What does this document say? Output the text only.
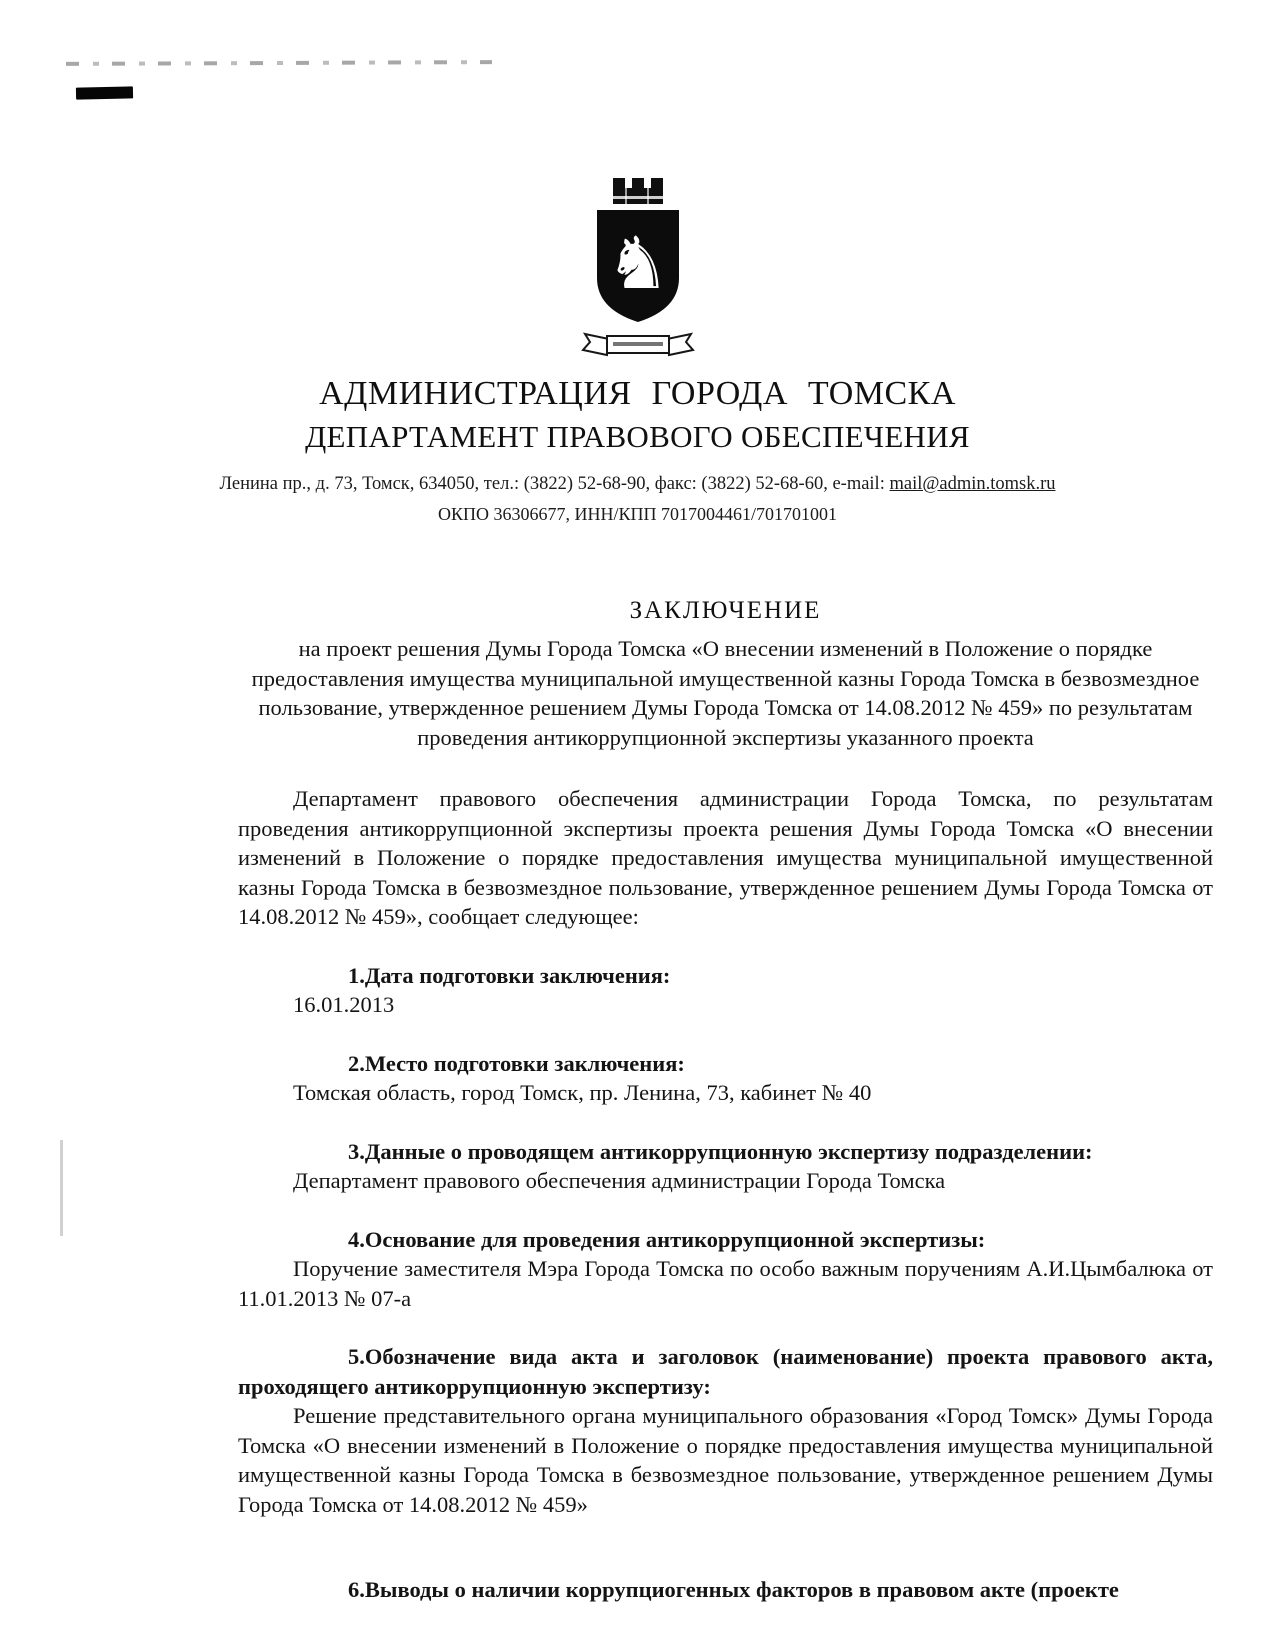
♞
АДМИНИСТРАЦИЯ ГОРОДА ТОМСКА
ДЕПАРТАМЕНТ ПРАВОВОГО ОБЕСПЕЧЕНИЯ
Ленина пр., д. 73, Томск, 634050, тел.: (3822) 52-68-90, факс: (3822) 52-68-60, e-mail: mail@admin.tomsk.ru
ОКПО 36306677, ИНН/КПП 7017004461/701701001
ЗАКЛЮЧЕНИЕ

на проект решения Думы Города Томска «О внесении изменений в Положение о порядке предоставления имущества муниципальной имущественной казны Города Томска в безвозмездное пользование, утвержденное решением Думы Города Томска от 14.08.2012 № 459» по результатам проведения антикоррупционной экспертизы указанного проекта

Департамент правового обеспечения администрации Города Томска, по результатам проведения антикоррупционной экспертизы проекта решения Думы Города Томска «О внесении изменений в Положение о порядке предоставления имущества муниципальной имущественной казны Города Томска в безвозмездное пользование, утвержденное решением Думы Города Томска от 14.08.2012 № 459», сообщает следующее:

1.Дата подготовки заключения:

16.01.2013

2.Место подготовки заключения:

Томская область, город Томск, пр. Ленина, 73, кабинет № 40

3.Данные о проводящем антикоррупционную экспертизу подразделении:

Департамент правового обеспечения администрации Города Томска

4.Основание для проведения антикоррупционной экспертизы:

Поручение заместителя Мэра Города Томска по особо важным поручениям А.И.Цымбалюка от 11.01.2013 № 07-а

5.Обозначение вида акта и заголовок (наименование) проекта правового акта, проходящего антикоррупционную экспертизу:

Решение представительного органа муниципального образования «Город Томск» Думы Города Томска «О внесении изменений в Положение о порядке предоставления имущества муниципальной имущественной казны Города Томска в безвозмездное пользование, утвержденное решением Думы Города Томска от 14.08.2012 № 459»

6.Выводы о наличии коррупциогенных факторов в правовом акте (проекте
